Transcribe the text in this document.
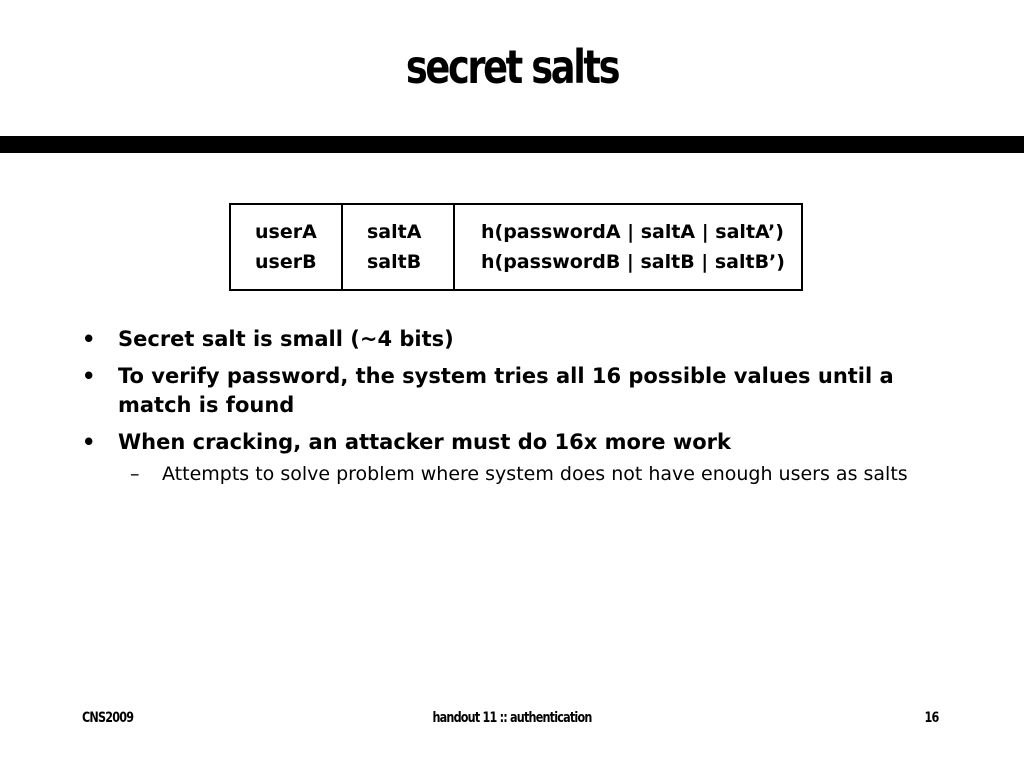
secret salts
userA	saltA	h(passwordA | saltA | saltA’)
userB	saltB	h(passwordB | saltB | saltB’)
• Secret salt is small (~4 bits)
• To verify password, the system tries all 16 possible values until a match is found
• When cracking, an attacker must do 16x more work
– Attempts to solve problem where system does not have enough users as salts
CNS2009	handout 11 :: authentication	16
